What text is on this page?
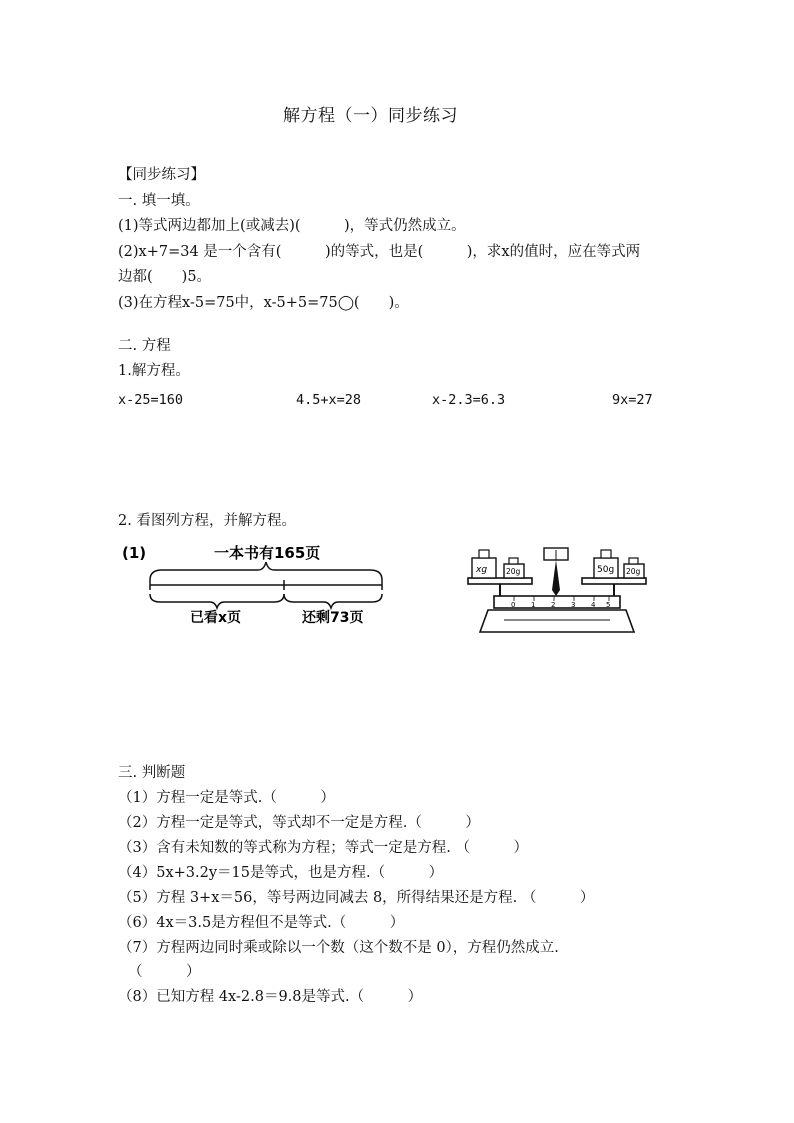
解方程（一）同步练习
【同步练习】
一. 填一填。
(1)等式两边都加上(或减去)(　　　)，等式仍然成立。
(2)x+7=34 是一个含有(　　　)的等式，也是(　　　)，求x的值时，应在等式两
边都(　　)5。
(3)在方程x-5=75中，x-5+5=75◯(　　)。
二. 方程
1.解方程。
x-25=160	4.5+x=28	x-2.3=6.3	9x=27
2. 看图列方程，并解方程。
(1)	一本书有165页
已看x页	还剩73页
0 1 2 3 4 5
xg	20g	50g 20g
三. 判断题
（1）方程一定是等式.（　　　）
（2）方程一定是等式，等式却不一定是方程.（　　　）
（3）含有未知数的等式称为方程；等式一定是方程. （　　　）
（4）5x+3.2y＝15是等式，也是方程.（　　　）
（5）方程 3+x＝56，等号两边同减去 8，所得结果还是方程. （　　　）
（6）4x＝3.5是方程但不是等式.（　　　）
（7）方程两边同时乘或除以一个数（这个数不是 0），方程仍然成立.
（　　　）
（8）已知方程 4x-2.8＝9.8是等式.（　　　）
